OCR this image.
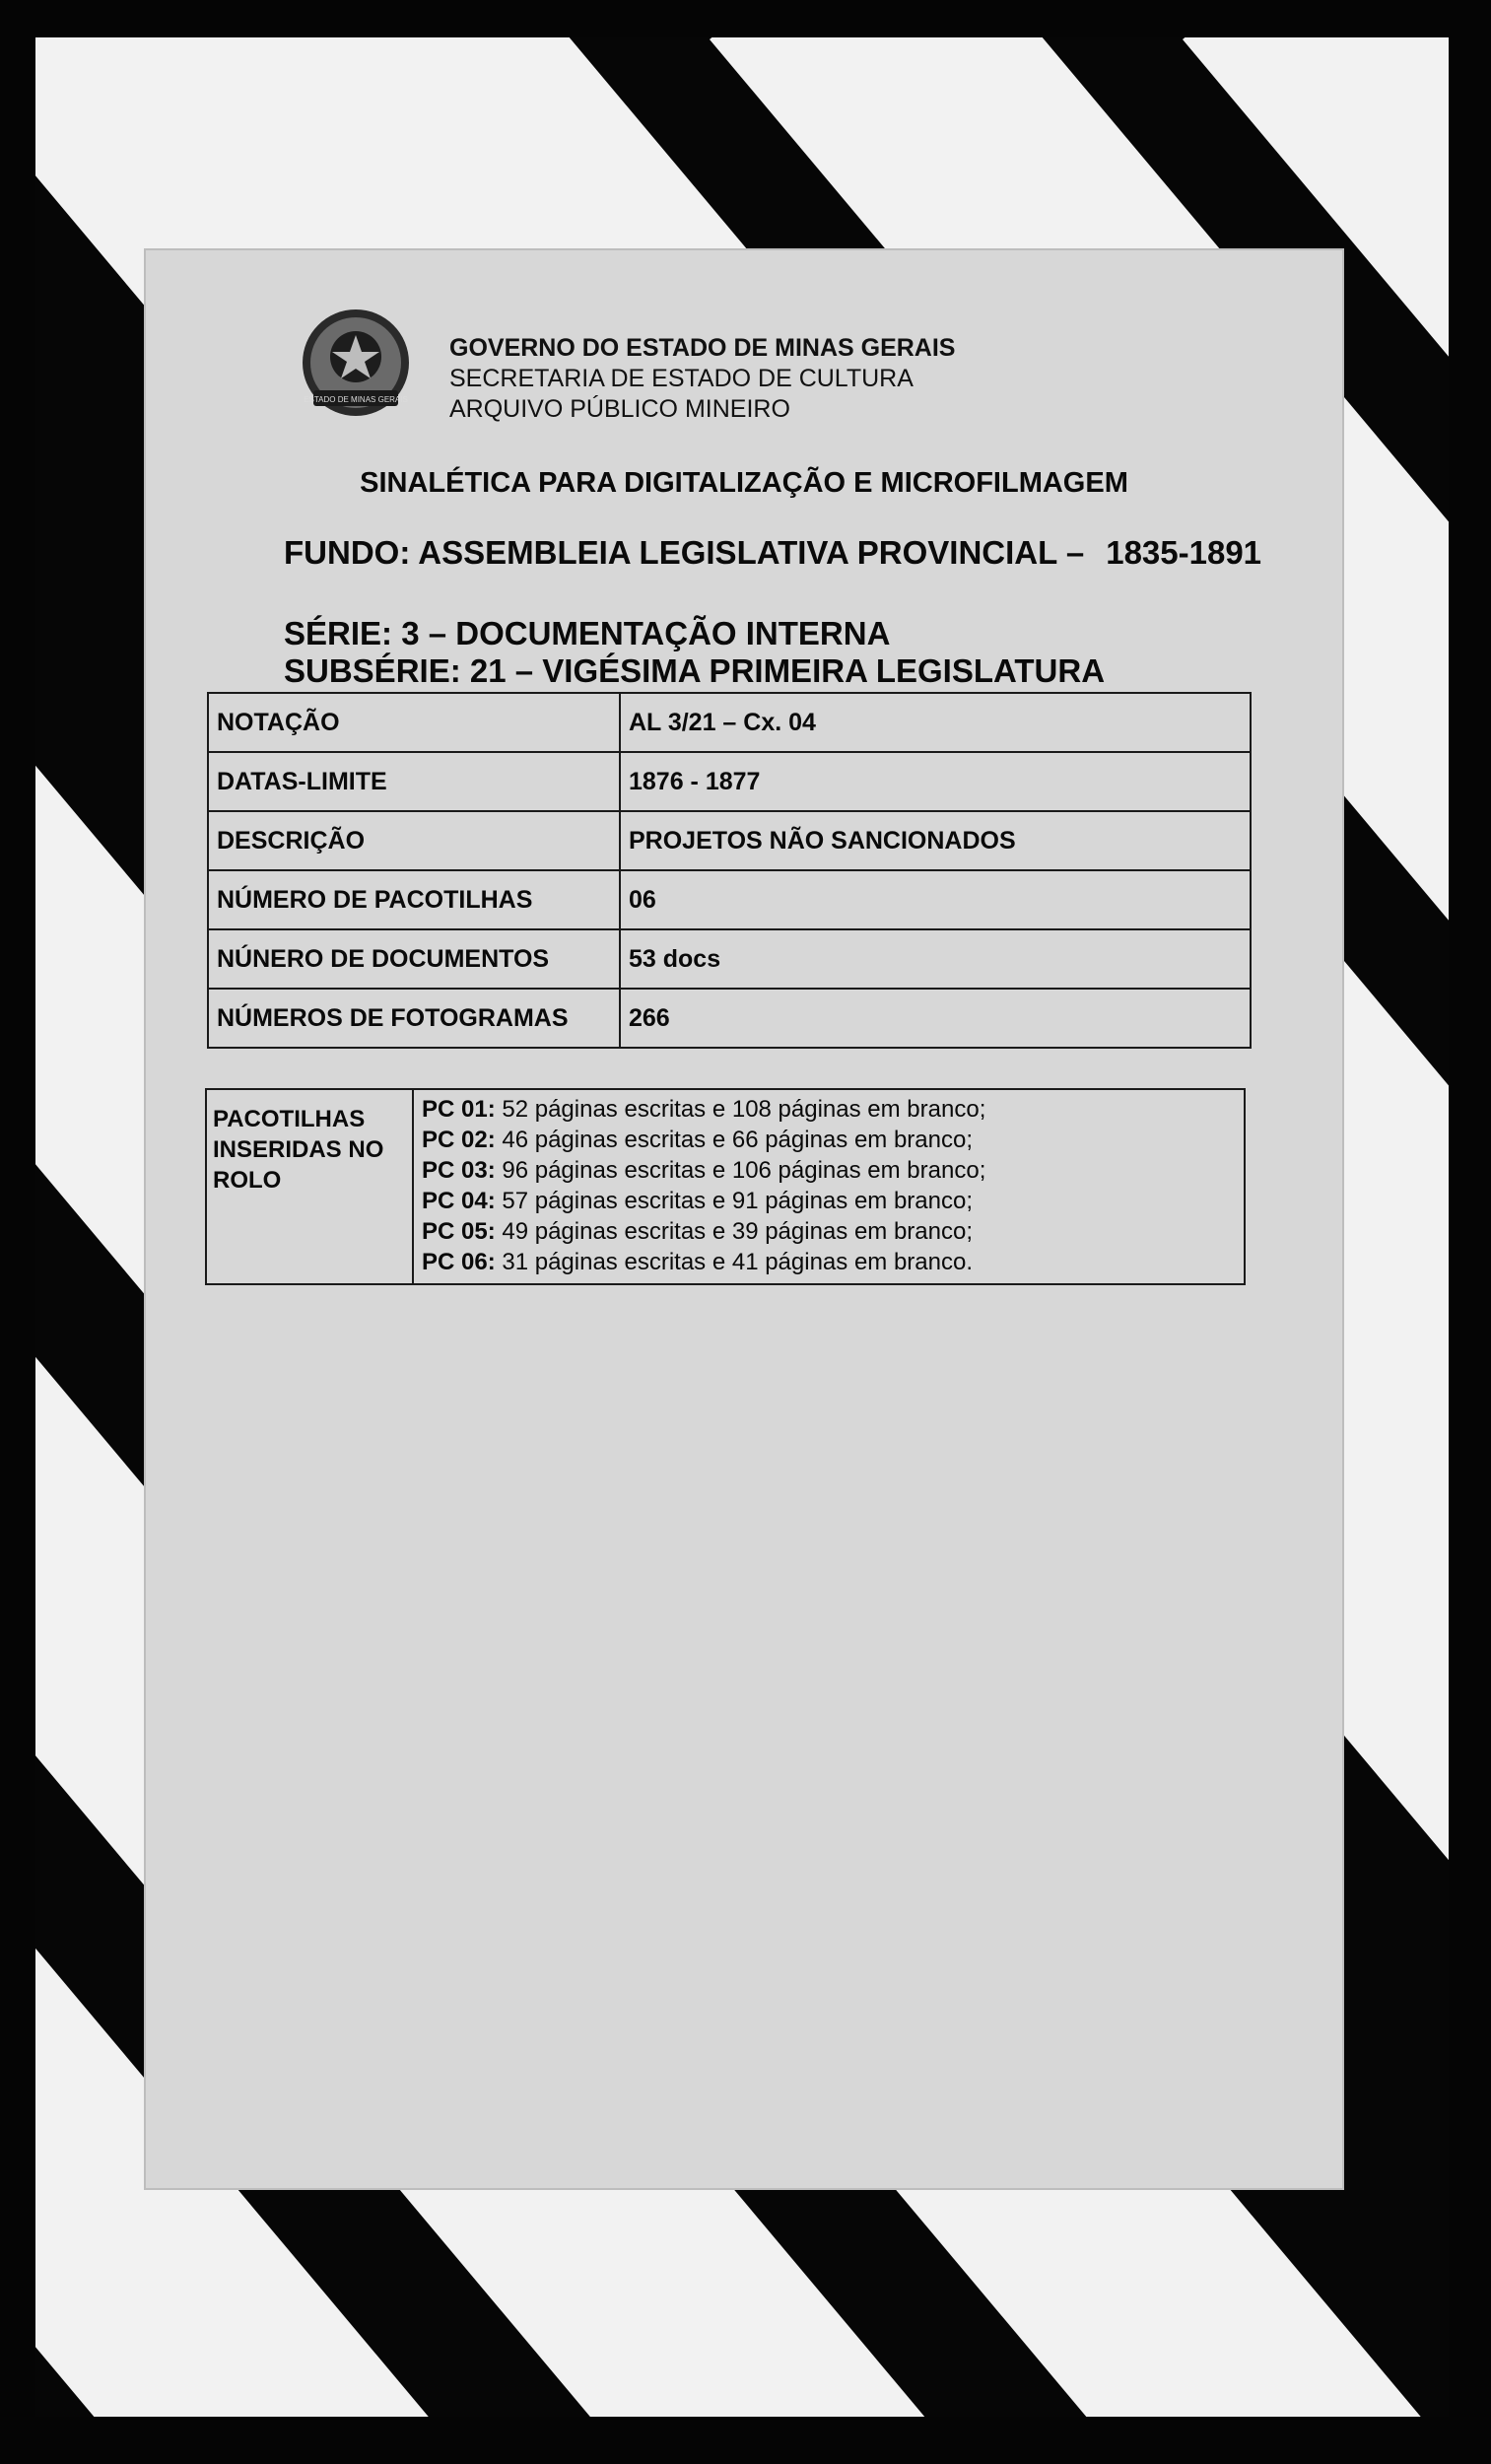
ESTADO DE MINAS GERAIS
GOVERNO DO ESTADO DE MINAS GERAIS
SECRETARIA DE ESTADO DE CULTURA
ARQUIVO PÚBLICO MINEIRO
SINALÉTICA PARA DIGITALIZAÇÃO E MICROFILMAGEM
FUNDO: ASSEMBLEIA LEGISLATIVA PROVINCIAL – 1835-1891
SÉRIE: 3 – DOCUMENTAÇÃO INTERNA
SUBSÉRIE: 21 – VIGÉSIMA PRIMEIRA LEGISLATURA
NOTAÇÃO	AL 3/21 – Cx. 04
DATAS-LIMITE	1876 - 1877
DESCRIÇÃO	PROJETOS NÃO SANCIONADOS
NÚMERO DE PACOTILHAS	06
NÚNERO DE DOCUMENTOS	53 docs
NÚMEROS DE FOTOGRAMAS	266
PACOTILHAS
INSERIDAS NO
ROLO

PC 01: 52 páginas escritas e 108 páginas em branco;
PC 02: 46 páginas escritas e 66 páginas em branco;
PC 03: 96 páginas escritas e 106 páginas em branco;
PC 04: 57 páginas escritas e 91 páginas em branco;
PC 05: 49 páginas escritas e 39 páginas em branco;
PC 06: 31 páginas escritas e 41 páginas em branco.
